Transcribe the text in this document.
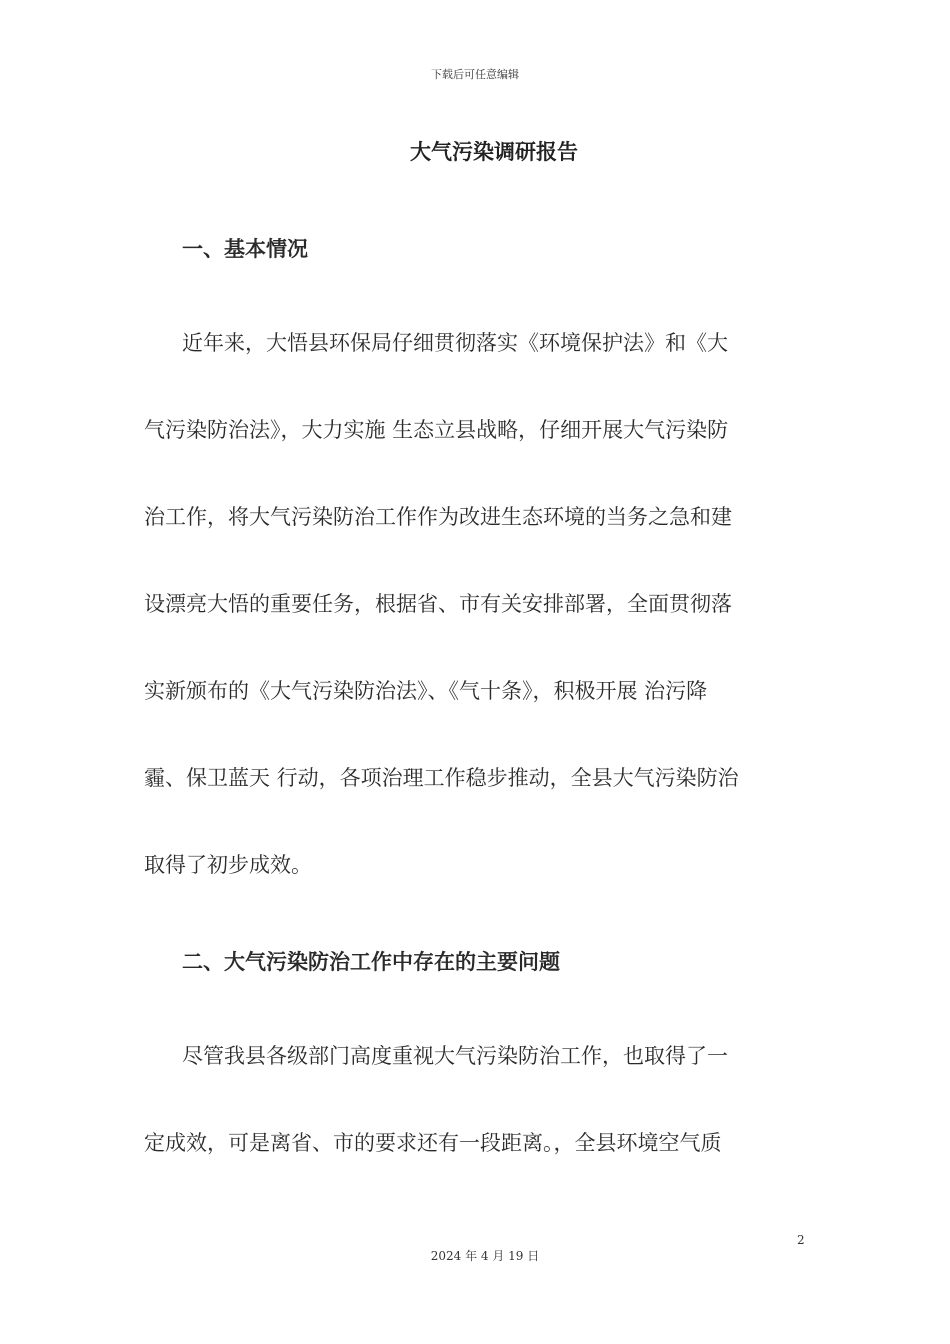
下载后可任意编辑
大气污染调研报告
一、基本情况
近年来，大悟县环保局仔细贯彻落实《环境保护法》和《大
气污染防治法》，大力实施 生态立县战略，仔细开展大气污染防
治工作，将大气污染防治工作作为改进生态环境的当务之急和建
设漂亮大悟的重要任务，根据省、市有关安排部署，全面贯彻落
实新颁布的《大气污染防治法》、《气十条》，积极开展 治污降
霾、保卫蓝天 行动，各项治理工作稳步推动，全县大气污染防治
取得了初步成效。
二、大气污染防治工作中存在的主要问题
尽管我县各级部门高度重视大气污染防治工作，也取得了一
定成效，可是离省、市的要求还有一段距离。，全县环境空气质
2
2024 年 4 月 19 日
